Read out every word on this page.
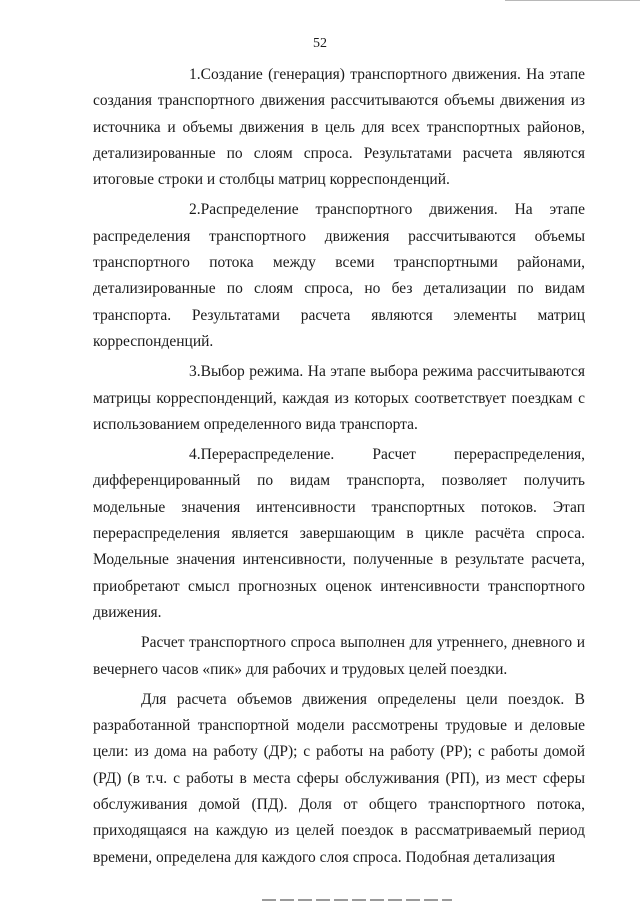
52

1.Создание (генерация) транспортного движения. На этапе создания транспортного движения рассчитываются объемы движения из источника и объемы движения в цель для всех транспортных районов, детализированные по слоям спроса. Результатами расчета являются итоговые строки и столбцы матриц корреспонденций.

2.Распределение транспортного движения. На этапе распределения транспортного движения рассчитываются объемы транспортного потока между всеми транспортными районами, детализированные по слоям спроса, но без детализации по видам транспорта. Результатами расчета являются элементы матриц корреспонденций.

3.Выбор режима. На этапе выбора режима рассчитываются матрицы корреспонденций, каждая из которых соответствует поездкам с использованием определенного вида транспорта.

4.Перераспределение. Расчет перераспределения, дифференцированный по видам транспорта, позволяет получить модельные значения интенсивности транспортных потоков. Этап перераспределения является завершающим в цикле расчёта спроса. Модельные значения интенсивности, полученные в результате расчета, приобретают смысл прогнозных оценок интенсивности транспортного движения.

Расчет транспортного спроса выполнен для утреннего, дневного и вечернего часов «пик» для рабочих и трудовых целей поездки.

Для расчета объемов движения определены цели поездок. В разработанной транспортной модели рассмотрены трудовые и деловые цели: из дома на работу (ДР); с работы на работу (РР); с работы домой (РД) (в т.ч. с работы в места сферы обслуживания (РП), из мест сферы обслуживания домой (ПД). Доля от общего транспортного потока, приходящаяся на каждую из целей поездок в рассматриваемый период времени, определена для каждого слоя спроса. Подобная детализация
